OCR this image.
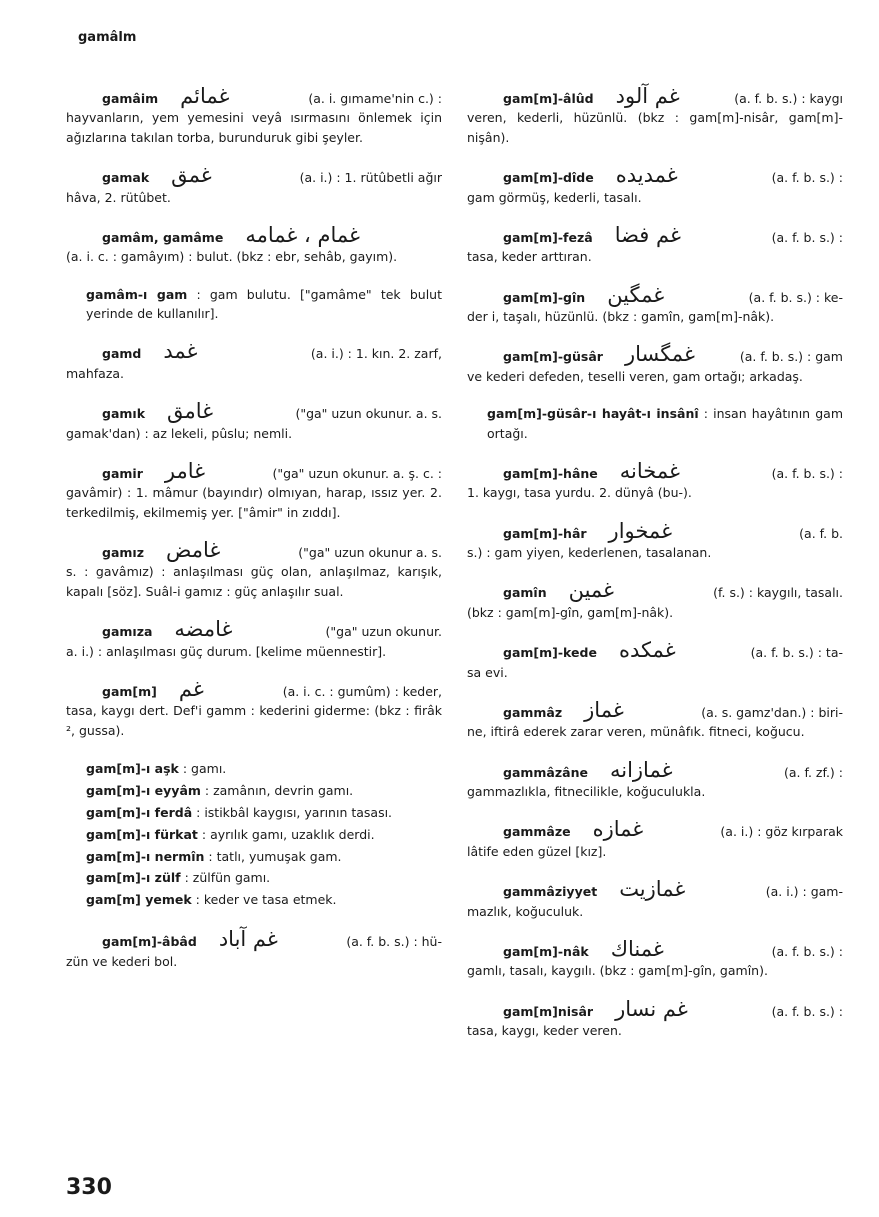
gamâlm
gamâim غمائم	(a. i. gımame'nin c.) :
hayvanların, yem yemesini veyâ ısırmasını önlemek için ağızlarına takılan torba, burunduruk gibi şeyler.
gamak غمق	(a. i.) : 1. rütûbetli ağır
hâva, 2. rütûbet.
gamâm, gamâme غمام ، غمامه
(a. i. c. : gamâyım) : bulut. (bkz : ebr, sehâb, gayım).
gamâm-ı gam : gam bulutu. ["gamâme" tek bulut yerinde de kullanılır].
gamd غمد	(a. i.) : 1. kın. 2. zarf,
mahfaza.
gamık غامق	("ga" uzun okunur. a. s.
gamak'dan) : az lekeli, pûslu; nemli.
gamir غامر	("ga" uzun okunur. a. ş. c. :
gavâmir) : 1. mâmur (bayındır) olmıyan, harap, ıssız yer. 2. terkedilmiş, ekilmemiş yer. ["âmir" in zıddı].
gamız غامض	("ga" uzun okunur a. s.
s. : gavâmız) : anlaşılması güç olan, anlaşılmaz, karışık, kapalı [söz]. Suâl-i gamız : güç anlaşılır sual.
gamıza غامضه	("ga" uzun okunur.
a. i.) : anlaşılması güç durum. [kelime müennestir].
gam[m] غم	(a. i. c. : gumûm) : keder,
tasa, kaygı dert. Def'i gamm : kederini giderme: (bkz : firâk ², gussa).
gam[m]-ı aşk : gamı.
gam[m]-ı eyyâm : zamânın, devrin gamı.
gam[m]-ı ferdâ : istikbâl kaygısı, yarının tasası.
gam[m]-ı fürkat : ayrılık gamı, uzaklık derdi.
gam[m]-ı nermîn : tatlı, yumuşak gam.
gam[m]-ı zülf : zülfün gamı.
gam[m] yemek : keder ve tasa etmek.
gam[m]-âbâd غم آباد	(a. f. b. s.) : hü-
zün ve kederi bol.
gam[m]-âlûd غم آلود	(a. f. b. s.) : kaygı
veren, kederli, hüzünlü. (bkz : gam[m]-nisâr, gam[m]-nişân).
gam[m]-dîde غمدیده	(a. f. b. s.) :
gam görmüş, kederli, tasalı.
gam[m]-fezâ غم فضا	(a. f. b. s.) :
tasa, keder arttıran.
gam[m]-gîn غمگین	(a. f. b. s.) : ke-
der i, taşalı, hüzünlü. (bkz : gamîn, gam[m]-nâk).
gam[m]-güsâr غمگسار	(a. f. b. s.) : gam
ve kederi defeden, teselli veren, gam ortağı; arkadaş.
gam[m]-güsâr-ı hayât-ı insânî : insan hayâtının gam ortağı.
gam[m]-hâne غمخانه	(a. f. b. s.) :
1. kaygı, tasa yurdu. 2. dünyâ (bu-).
gam[m]-hâr غمخوار	(a. f. b.
s.) : gam yiyen, kederlenen, tasalanan.
gamîn غمین	(f. s.) : kaygılı, tasalı.
(bkz : gam[m]-gîn, gam[m]-nâk).
gam[m]-kede غمکده	(a. f. b. s.) : ta-
sa evi.
gammâz غماز	(a. s. gamz'dan.) : biri-
ne, iftirâ ederek zarar veren, münâfık. fitneci, koğucu.
gammâzâne غمازانه	(a. f. zf.) :
gammazlıkla, fitnecilikle, koğuculukla.
gammâze غمازه	(a. i.) : göz kırparak
lâtife eden güzel [kız].
gammâziyyet غمازیت	(a. i.) : gam-
mazlık, koğuculuk.
gam[m]-nâk غمناك	(a. f. b. s.) :
gamlı, tasalı, kaygılı. (bkz : gam[m]-gîn, gamîn).
gam[m]nisâr غم نسار	(a. f. b. s.) :
tasa, kaygı, keder veren.
330
